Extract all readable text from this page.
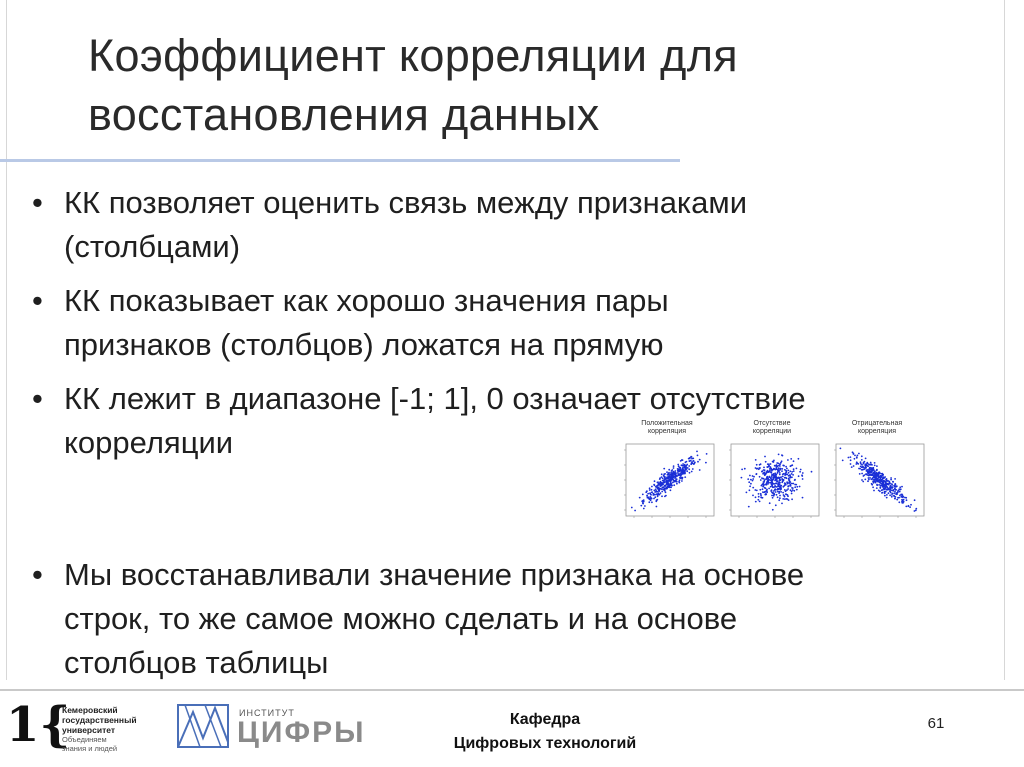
Коэффициент корреляции для
восстановления данных
• КК позволяет оценить связь между признаками
(столбцами)
• КК показывает как хорошо значения пары
признаков (столбцов) ложатся на прямую
• КК лежит в диапазоне [-1; 1], 0 означает отсутствие
корреляции
• Мы восстанавливали значение признака на основе
строк, то же самое можно сделать и на основе
столбцов таблицы
Положительная
корреляция
Отсутствие
корреляции
Отрицательная
корреляция
1{
Кемеровский
государственный
университет
Объединяем
знания и людей
ИНСТИТУТ
ЦИФРЫ	Кафедра
Цифровых технологий
61
